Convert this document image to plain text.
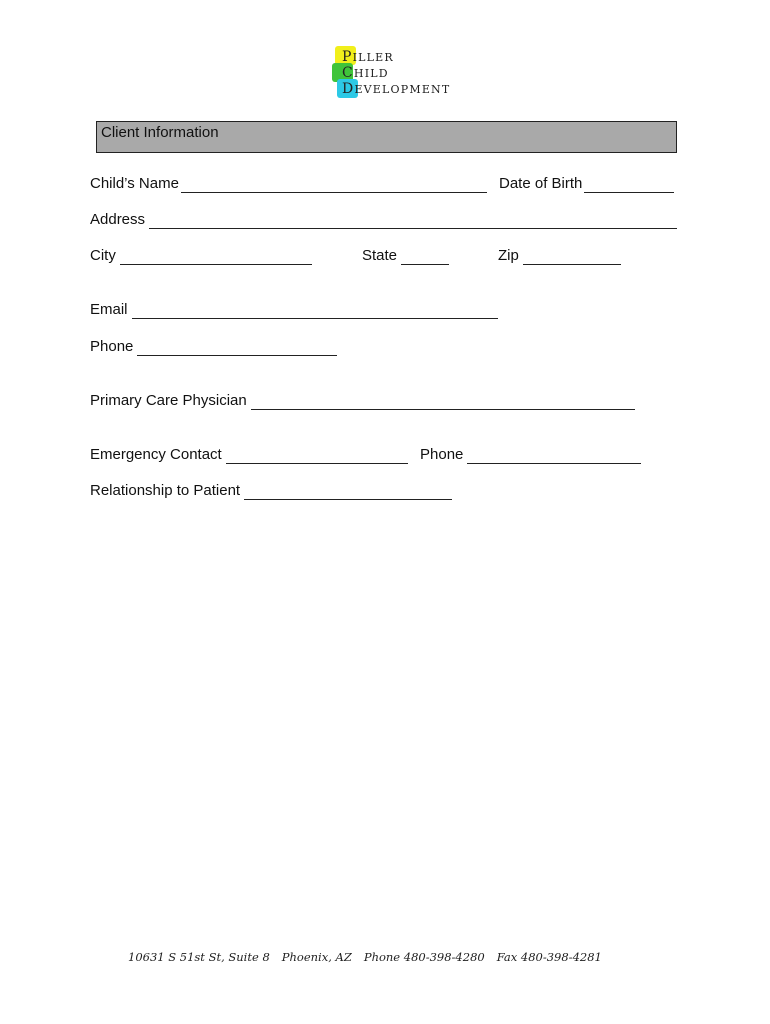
PILLER
CHILD
DEVELOPMENT
Client Information
Child’s Name	Date of Birth
Address
City	State	Zip
Email
Phone
Primary Care Physician
Emergency Contact	Phone
Relationship to Patient
10631 S 51st St, Suite 8 Phoenix, AZ Phone 480-398-4280 Fax 480-398-4281
